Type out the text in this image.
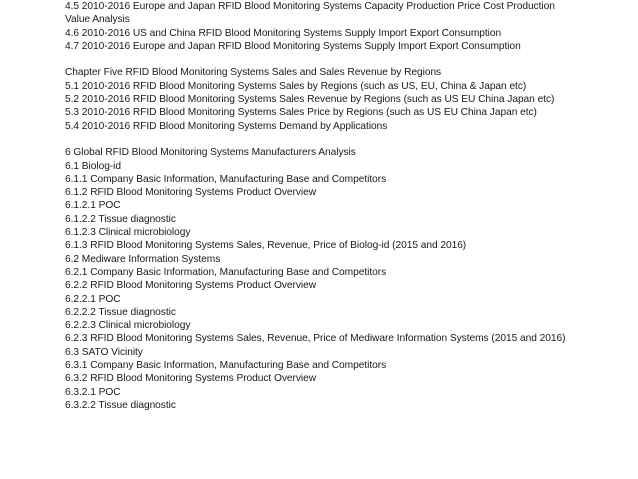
4.5 2010-2016 Europe and Japan RFID Blood Monitoring Systems Capacity Production Price Cost Production

Value Analysis

4.6 2010-2016 US and China RFID Blood Monitoring Systems Supply Import Export Consumption

4.7 2010-2016 Europe and Japan RFID Blood Monitoring Systems Supply Import Export Consumption

Chapter Five RFID Blood Monitoring Systems Sales and Sales Revenue by Regions

5.1 2010-2016 RFID Blood Monitoring Systems Sales by Regions (such as US, EU, China & Japan etc)

5.2 2010-2016 RFID Blood Monitoring Systems Sales Revenue by Regions (such as US EU China Japan etc)

5.3 2010-2016 RFID Blood Monitoring Systems Sales Price by Regions (such as US EU China Japan etc)

5.4 2010-2016 RFID Blood Monitoring Systems Demand by Applications

6 Global RFID Blood Monitoring Systems Manufacturers Analysis

6.1 Biolog-id

6.1.1 Company Basic Information, Manufacturing Base and Competitors

6.1.2 RFID Blood Monitoring Systems Product Overview

6.1.2.1 POC

6.1.2.2 Tissue diagnostic

6.1.2.3 Clinical microbiology

6.1.3 RFID Blood Monitoring Systems Sales, Revenue, Price of Biolog-id (2015 and 2016)

6.2 Mediware Information Systems

6.2.1 Company Basic Information, Manufacturing Base and Competitors

6.2.2 RFID Blood Monitoring Systems Product Overview

6.2.2.1 POC

6.2.2.2 Tissue diagnostic

6.2.2.3 Clinical microbiology

6.2.3 RFID Blood Monitoring Systems Sales, Revenue, Price of Mediware Information Systems (2015 and 2016)

6.3 SATO Vicinity

6.3.1 Company Basic Information, Manufacturing Base and Competitors

6.3.2 RFID Blood Monitoring Systems Product Overview

6.3.2.1 POC

6.3.2.2 Tissue diagnostic
